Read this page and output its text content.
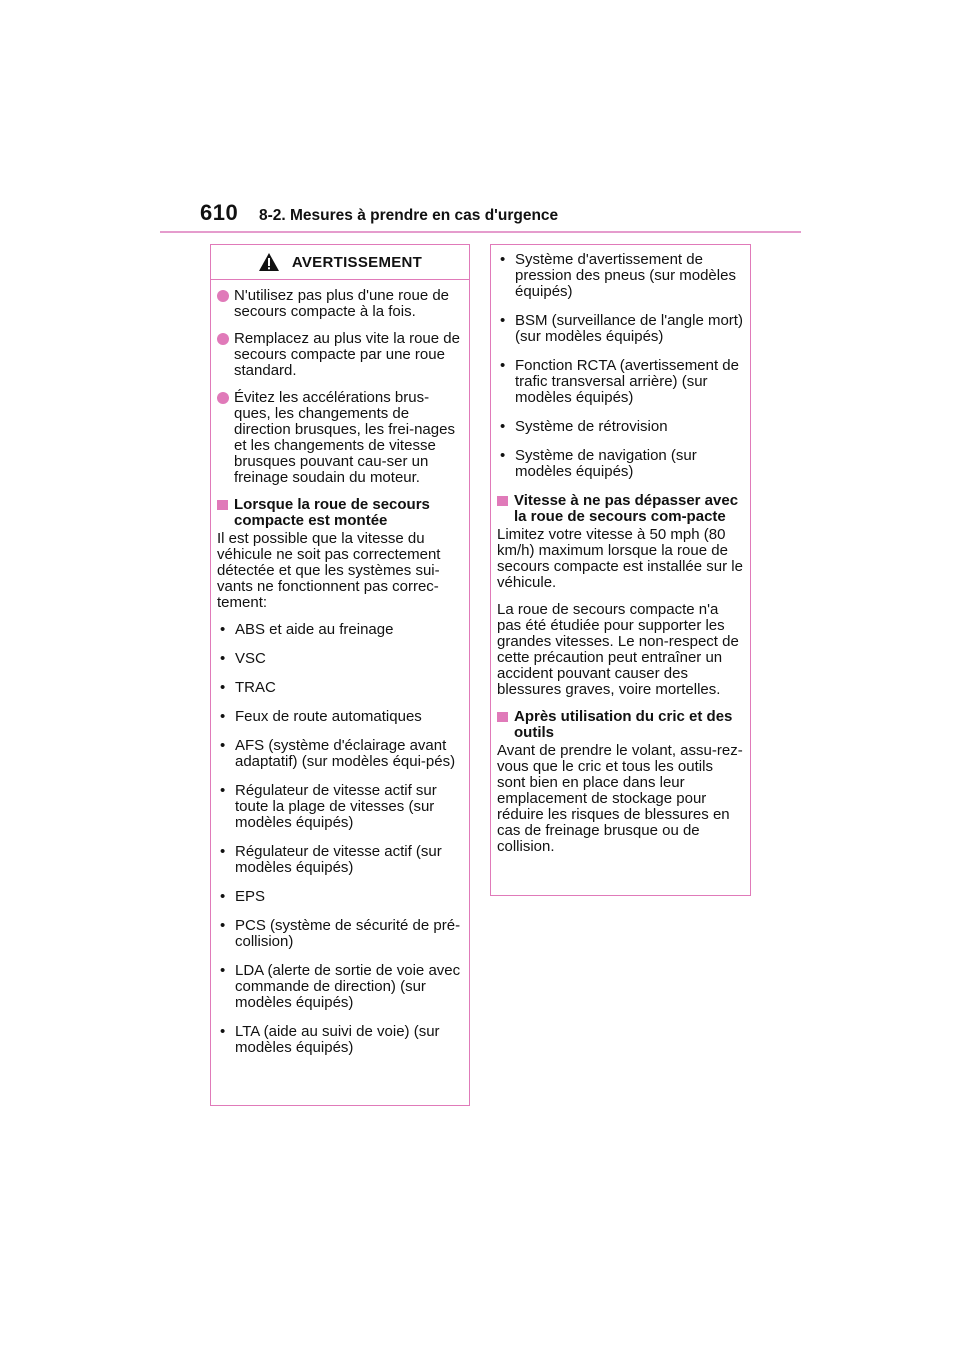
610 8-2. Mesures à prendre en cas d'urgence
AVERTISSEMENT
N'utilisez pas plus d'une roue de secours compacte à la fois.
Remplacez au plus vite la roue de secours compacte par une roue standard.
Évitez les accélérations brus-ques, les changements de direction brusques, les frei-nages et les changements de vitesse brusques pouvant cau-ser un freinage soudain du moteur.
Lorsque la roue de secours compacte est montée
Il est possible que la vitesse du véhicule ne soit pas correctement détectée et que les systèmes sui-vants ne fonctionnent pas correc-tement:
• ABS et aide au freinage
• VSC
• TRAC
• Feux de route automatiques
• AFS (système d'éclairage avant adaptatif) (sur modèles équi-pés)
• Régulateur de vitesse actif sur toute la plage de vitesses (sur modèles équipés)
• Régulateur de vitesse actif (sur modèles équipés)
• EPS
• PCS (système de sécurité de pré-collision)
• LDA (alerte de sortie de voie avec commande de direction) (sur modèles équipés)
• LTA (aide au suivi de voie) (sur modèles équipés)
• Système d'avertissement de pression des pneus (sur modèles équipés)
• BSM (surveillance de l'angle mort) (sur modèles équipés)
• Fonction RCTA (avertissement de trafic transversal arrière) (sur modèles équipés)
• Système de rétrovision
• Système de navigation (sur modèles équipés)
Vitesse à ne pas dépasser avec la roue de secours com-pacte
Limitez votre vitesse à 50 mph (80 km/h) maximum lorsque la roue de secours compacte est installée sur le véhicule.
La roue de secours compacte n'a pas été étudiée pour supporter les grandes vitesses. Le non-respect de cette précaution peut entraîner un accident pouvant causer des blessures graves, voire mortelles.
Après utilisation du cric et des outils
Avant de prendre le volant, assu-rez-vous que le cric et tous les outils sont bien en place dans leur emplacement de stockage pour réduire les risques de blessures en cas de freinage brusque ou de collision.
